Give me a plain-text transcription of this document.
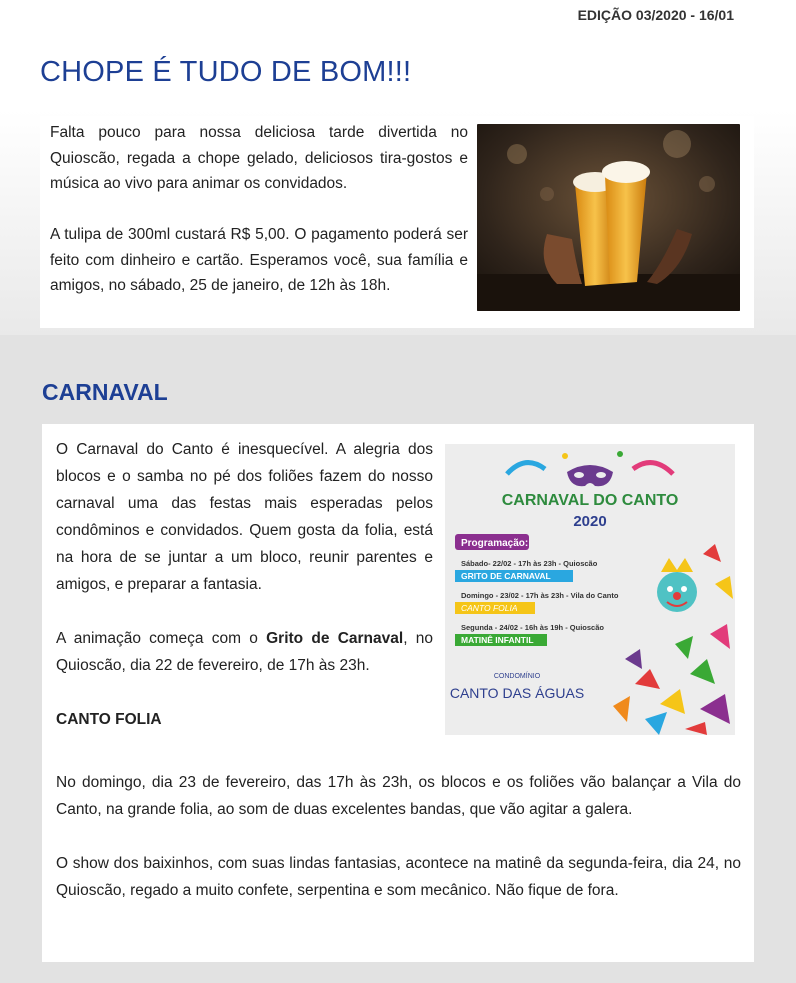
EDIÇÃO 03/2020 - 16/01
CHOPE É TUDO DE BOM!!!

Falta pouco para nossa deliciosa tarde divertida no Quioscão, regada a chope gelado, deliciosos tira-gostos e música ao vivo para animar os convidados.

A tulipa de 300ml custará R$ 5,00. O pagamento poderá ser feito com dinheiro e cartão. Esperamos você, sua família e amigos, no sábado, 25 de janeiro, de 12h às 18h.

CARNAVAL

O Carnaval do Canto é inesquecível. A alegria dos blocos e o samba no pé dos foliões fazem do nosso carnaval uma das festas mais esperadas pelos condôminos e convidados. Quem gosta da folia, está na hora de se juntar a um bloco, reunir parentes e amigos, e preparar a fantasia.

A animação começa com o Grito de Carnaval, no Quioscão, dia 22 de fevereiro, de 17h às 23h.

CANTO FOLIA

CARNAVAL DO CANTO
2020
Programação:
Sábado- 22/02 - 17h às 23h - Quioscão
GRITO DE CARNAVAL
Domingo - 23/02 - 17h às 23h - Vila do Canto
CANTO FOLIA
Segunda - 24/02 - 16h às 19h - Quioscão
MATINÊ INFANTIL
CONDOMÍNIO
CANTO DAS ÁGUAS

No domingo, dia 23 de fevereiro, das 17h às 23h, os blocos e os foliões vão balançar a Vila do Canto, na grande folia, ao som de duas excelentes bandas, que vão agitar a galera.

O show dos baixinhos, com suas lindas fantasias, acontece na matinê da segunda-feira, dia 24, no Quioscão, regado a muito confete, serpentina e som mecânico. Não fique de fora.
